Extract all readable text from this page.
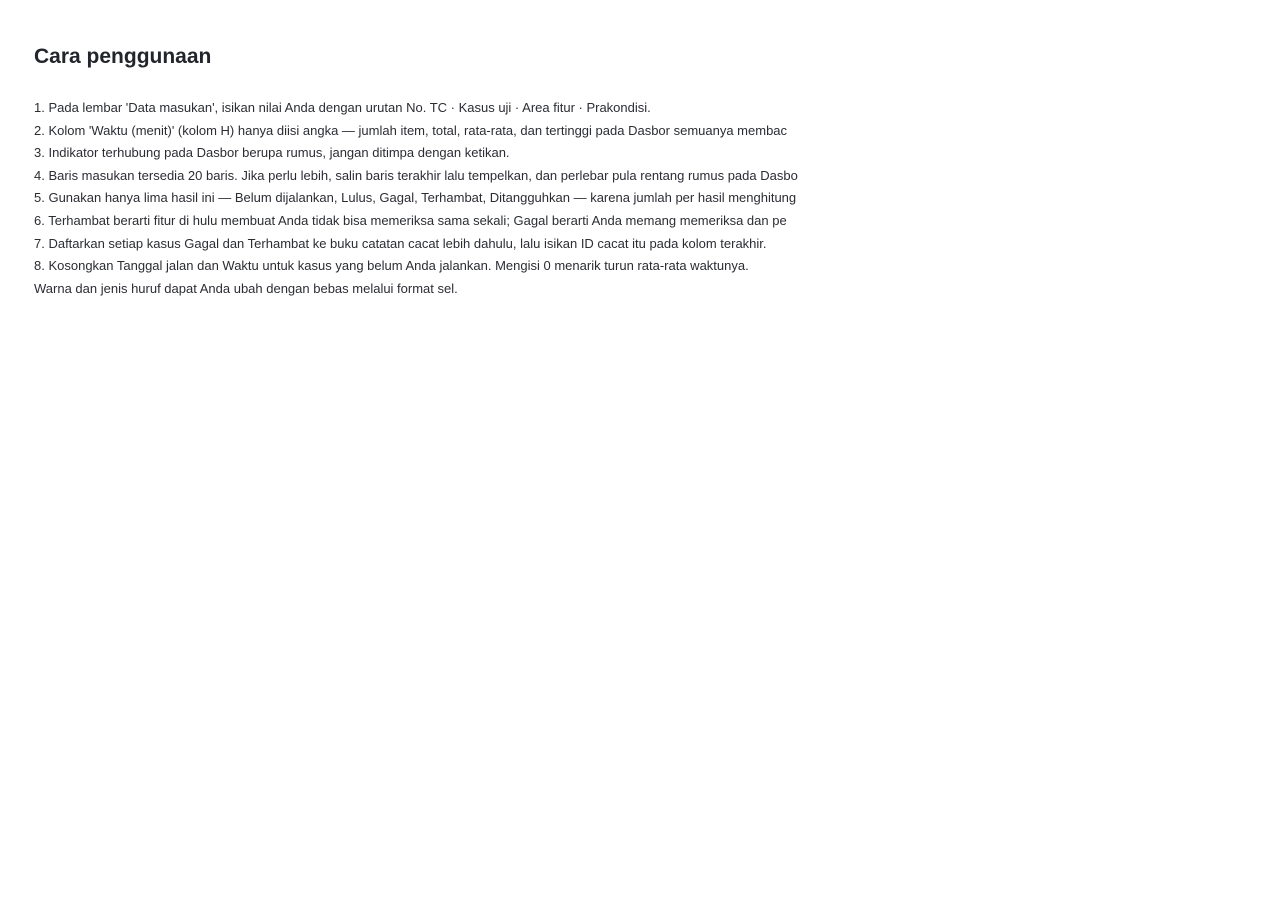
Cara penggunaan
1. Pada lembar 'Data masukan', isikan nilai Anda dengan urutan No. TC · Kasus uji · Area fitur · Prakondisi.
2. Kolom 'Waktu (menit)' (kolom H) hanya diisi angka — jumlah item, total, rata-rata, dan tertinggi pada Dasbor semuanya membac
3. Indikator terhubung pada Dasbor berupa rumus, jangan ditimpa dengan ketikan.
4. Baris masukan tersedia 20 baris. Jika perlu lebih, salin baris terakhir lalu tempelkan, dan perlebar pula rentang rumus pada Dasbo
5. Gunakan hanya lima hasil ini — Belum dijalankan, Lulus, Gagal, Terhambat, Ditangguhkan — karena jumlah per hasil menghitung
6. Terhambat berarti fitur di hulu membuat Anda tidak bisa memeriksa sama sekali; Gagal berarti Anda memang memeriksa dan pe
7. Daftarkan setiap kasus Gagal dan Terhambat ke buku catatan cacat lebih dahulu, lalu isikan ID cacat itu pada kolom terakhir.
8. Kosongkan Tanggal jalan dan Waktu untuk kasus yang belum Anda jalankan. Mengisi 0 menarik turun rata-rata waktunya.
Warna dan jenis huruf dapat Anda ubah dengan bebas melalui format sel.
